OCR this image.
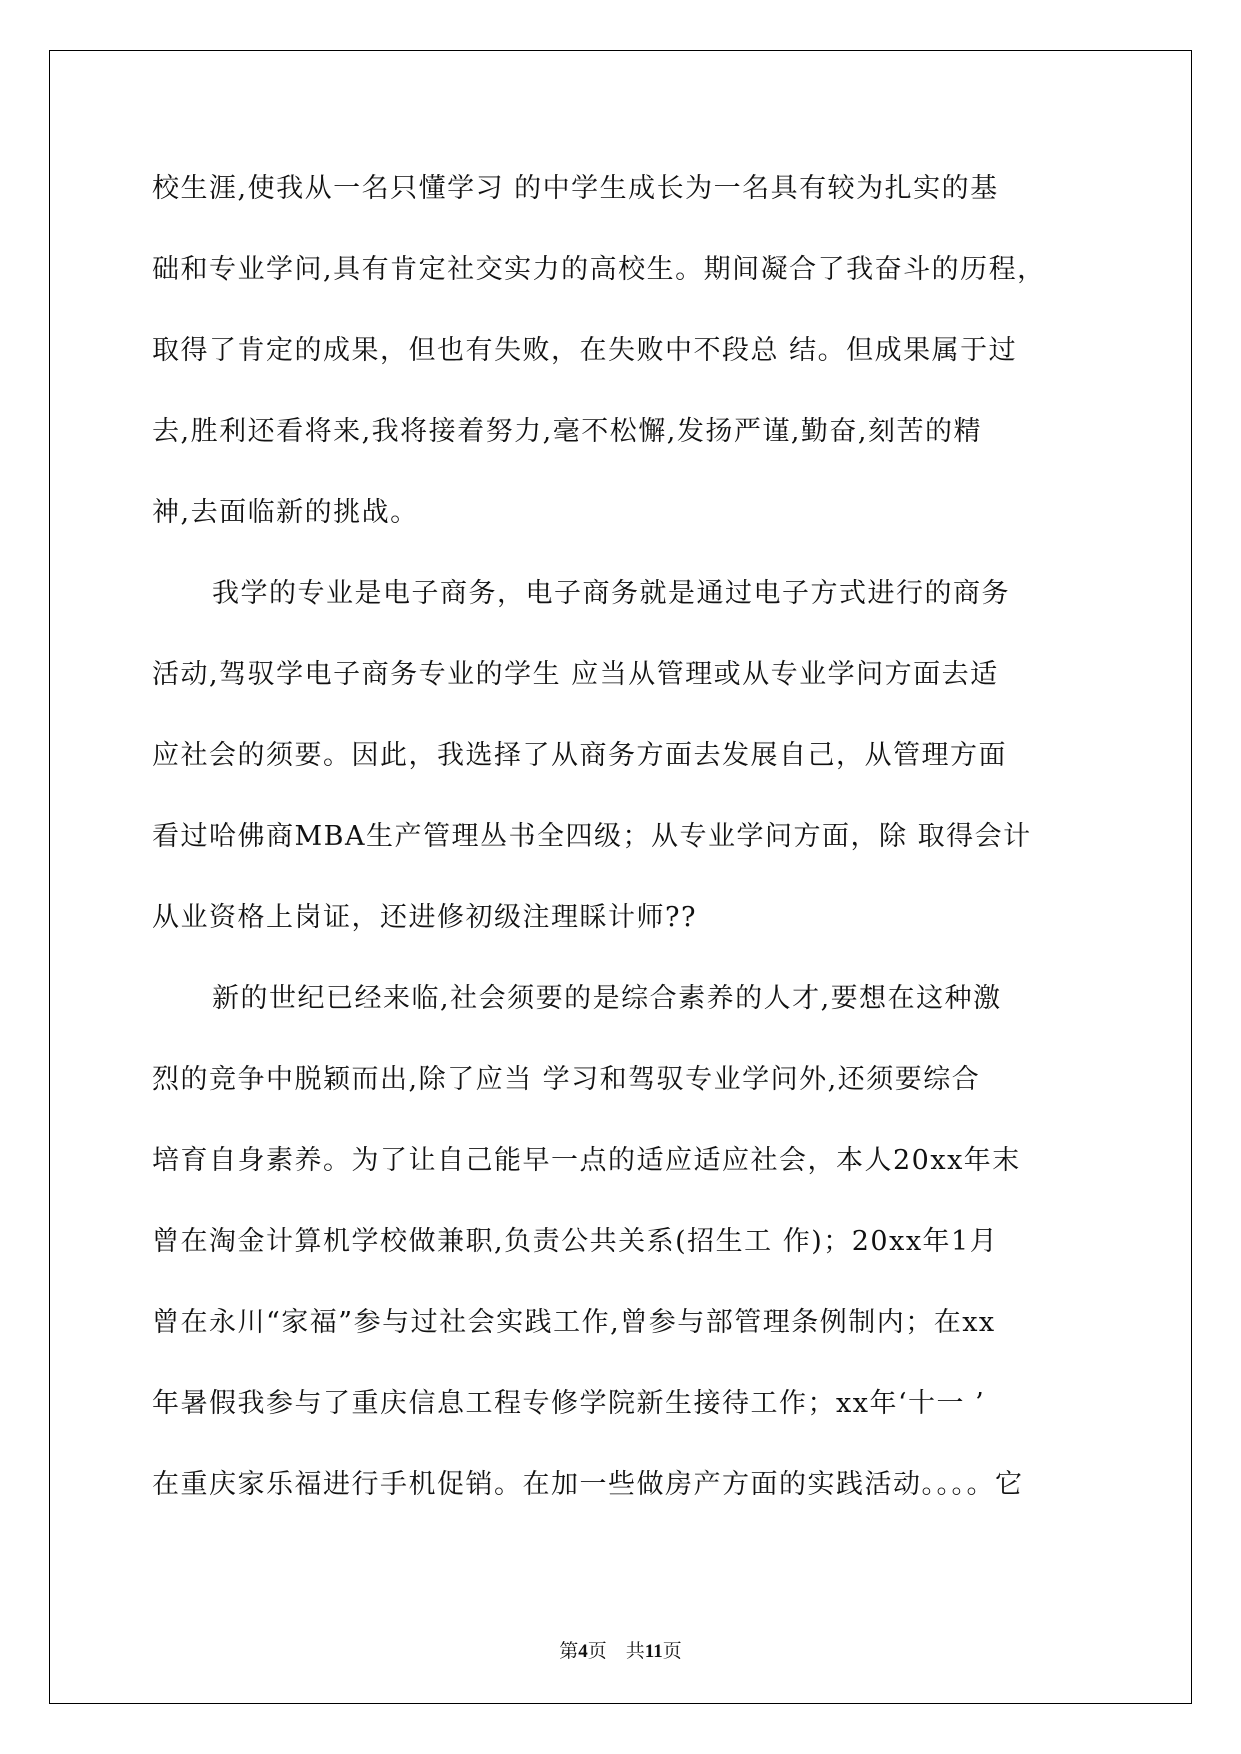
校生涯,使我从一名只懂学习 的中学生成长为一名具有较为扎实的基
础和专业学问,具有肯定社交实力的高校生。期间凝合了我奋斗的历程，
取得了肯定的成果，但也有失败，在失败中不段总 结。但成果属于过
去,胜利还看将来,我将接着努力,毫不松懈,发扬严谨,勤奋,刻苦的精
神,去面临新的挑战。
我学的专业是电子商务，电子商务就是通过电子方式进行的商务
活动,驾驭学电子商务专业的学生 应当从管理或从专业学问方面去适
应社会的须要。因此，我选择了从商务方面去发展自己，从管理方面
看过哈佛商MBA生产管理丛书全四级；从专业学问方面，除 取得会计
从业资格上岗证，还进修初级注理睬计师??
新的世纪已经来临,社会须要的是综合素养的人才,要想在这种激
烈的竞争中脱颖而出,除了应当 学习和驾驭专业学问外,还须要综合
培育自身素养。为了让自己能早一点的适应适应社会，本人20xx年末
曾在淘金计算机学校做兼职,负责公共关系(招生工 作)；20xx年1月
曾在永川“家福”参与过社会实践工作,曾参与部管理条例制内；在xx
年暑假我参与了重庆信息工程专修学院新生接待工作；xx年‘十一 ’
在重庆家乐福进行手机促销。在加一些做房产方面的实践活动。。。。它
第4页　共11页
